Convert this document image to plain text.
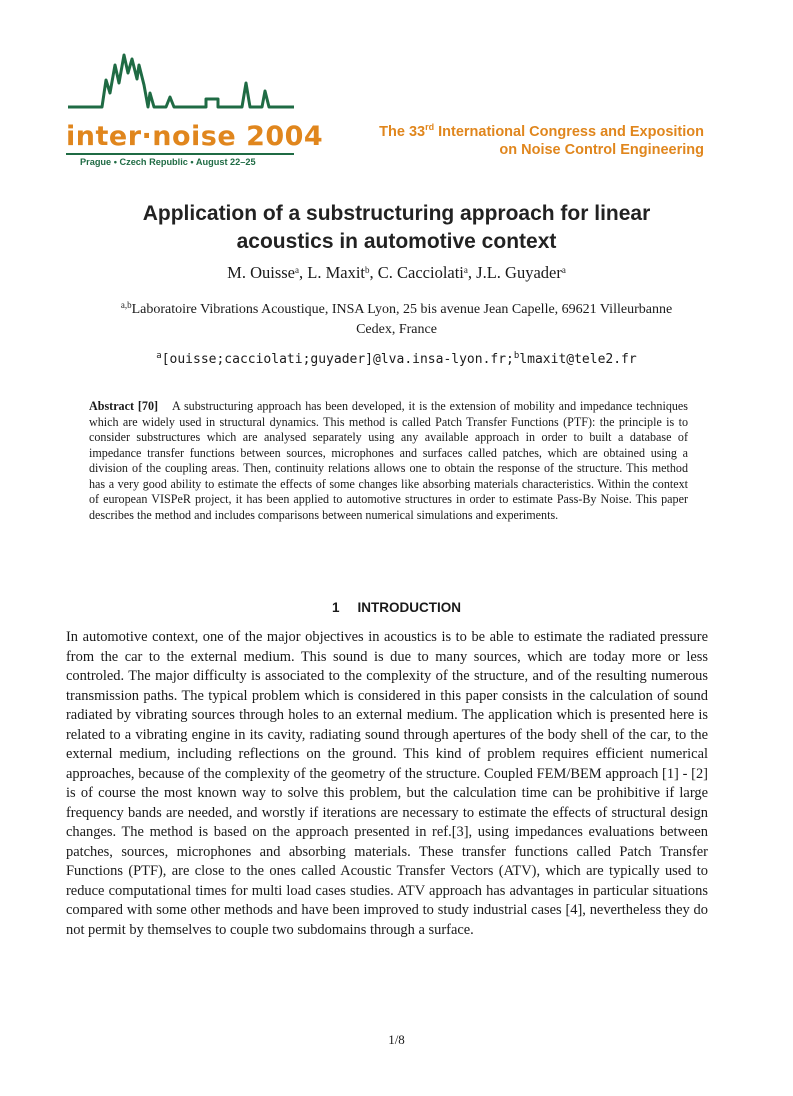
inter·noise 2004
Prague • Czech Republic • August 22–25
The 33rd International Congress and Exposition
on Noise Control Engineering
Application of a substructuring approach for linear
acoustics in automotive context
M. Ouisse$^a$, L. Maxit$^b$, C. Cacciolati$^a$, J.L. Guyader$^a$
$^{a,b}$Laboratoire Vibrations Acoustique, INSA Lyon, 25 bis avenue Jean Capelle, 69621 Villeurbanne
Cedex, France
$^a$[ouisse;cacciolati;guyader]@lva.insa-lyon.fr;$^b$lmaxit@tele2.fr
Abstract [70] A substructuring approach has been developed, it is the extension of mobility and impedance techniques which are widely used in structural dynamics. This method is called Patch Transfer Functions (PTF): the principle is to consider substructures which are analysed separately using any available approach in order to built a database of impedance transfer functions between sources, microphones and surfaces called patches, which are obtained using a division of the coupling areas. Then, continuity relations allows one to obtain the response of the structure. This method has a very good ability to estimate the effects of some changes like absorbing materials characteristics. Within the context of european VISPeR project, it has been applied to automotive structures in order to estimate Pass-By Noise. This paper describes the method and includes comparisons between numerical simulations and experiments.
1 INTRODUCTION
In automotive context, one of the major objectives in acoustics is to be able to estimate the radiated pressure from the car to the external medium. This sound is due to many sources, which are today more or less controled. The major difficulty is associated to the complexity of the structure, and of the resulting numerous transmission paths. The typical problem which is considered in this paper consists in the calculation of sound radiated by vibrating sources through holes to an external medium. The application which is presented here is related to a vibrating engine in its cavity, radiating sound through apertures of the body shell of the car, to the external medium, including reflections on the ground. This kind of problem requires efficient numerical approaches, because of the complexity of the geometry of the structure. Coupled FEM/BEM approach [1] - [2] is of course the most known way to solve this problem, but the calculation time can be prohibitive if large frequency bands are needed, and worstly if iterations are necessary to estimate the effects of structural design changes. The method is based on the approach presented in ref.[3], using impedances evaluations between patches, sources, microphones and absorbing materials. These transfer functions called Patch Transfer Functions (PTF), are close to the ones called Acoustic Transfer Vectors (ATV), which are typically used to reduce computational times for multi load cases studies. ATV approach has advantages in particular situations compared with some other methods and have been improved to study industrial cases [4], nevertheless they do not permit by themselves to couple two subdomains through a surface.
1/8
